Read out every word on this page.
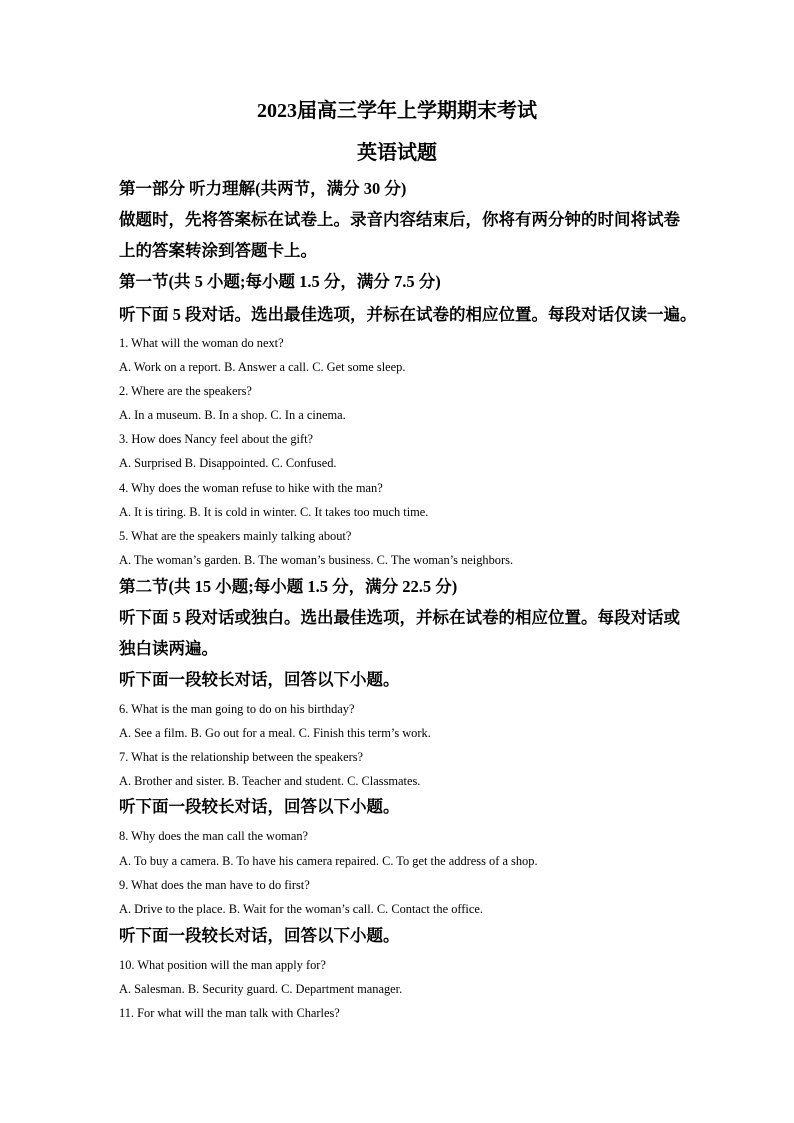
2023届高三学年上学期期末考试
英语试题
第一部分 听力理解(共两节，满分 30 分)
做题时，先将答案标在试卷上。录音内容结束后，你将有两分钟的时间将试卷
上的答案转涂到答题卡上。
第一节(共 5 小题;每小题 1.5 分，满分 7.5 分)
听下面 5 段对话。选出最佳选项，并标在试卷的相应位置。每段对话仅读一遍。
1. What will the woman do next?
A. Work on a report. B. Answer a call. C. Get some sleep.
2. Where are the speakers?
A. In a museum. B. In a shop. C. In a cinema.
3. How does Nancy feel about the gift?
A. Surprised B. Disappointed. C. Confused.
4. Why does the woman refuse to hike with the man?
A. It is tiring. B. It is cold in winter. C. It takes too much time.
5. What are the speakers mainly talking about?
A. The woman’s garden. B. The woman’s business. C. The woman’s neighbors.
第二节(共 15 小题;每小题 1.5 分，满分 22.5 分)
听下面 5 段对话或独白。选出最佳选项，并标在试卷的相应位置。每段对话或
独白读两遍。
听下面一段较长对话，回答以下小题。
6. What is the man going to do on his birthday?
A. See a film. B. Go out for a meal. C. Finish this term’s work.
7. What is the relationship between the speakers?
A. Brother and sister. B. Teacher and student. C. Classmates.
听下面一段较长对话，回答以下小题。
8. Why does the man call the woman?
A. To buy a camera. B. To have his camera repaired. C. To get the address of a shop.
9. What does the man have to do first?
A. Drive to the place. B. Wait for the woman’s call. C. Contact the office.
听下面一段较长对话，回答以下小题。
10. What position will the man apply for?
A. Salesman. B. Security guard. C. Department manager.
11. For what will the man talk with Charles?
